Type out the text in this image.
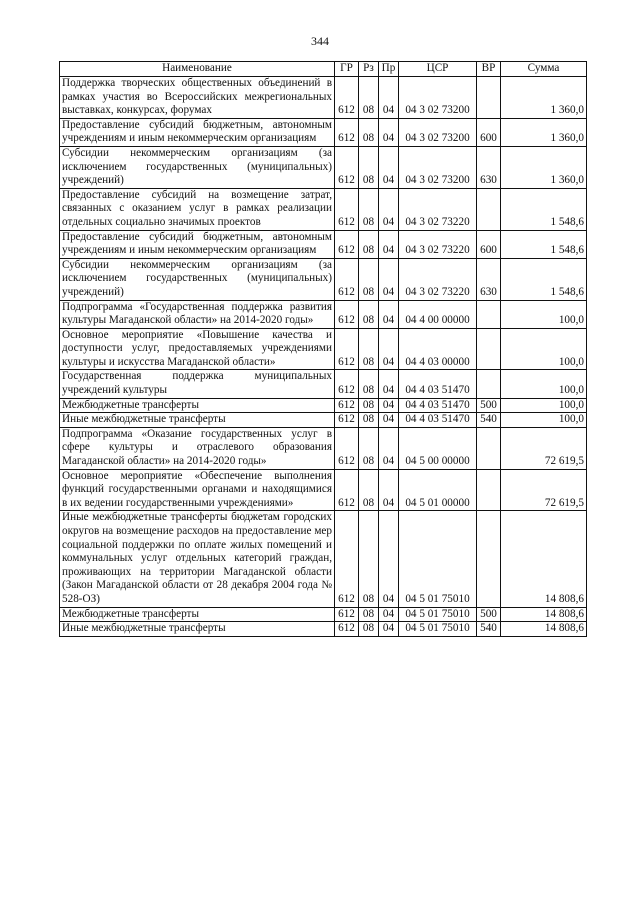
344
Наименование	ГР	Рз	Пр	ЦСР	ВР	Сумма
Поддержка творческих общественных объединений в рамках участия во Всероссийских межрегиональных выставках, конкурсах, форумах	612	08	04	04 3 02 73200		1 360,0
Предоставление субсидий бюджетным, автономным учреждениям и иным некоммерческим организациям	612	08	04	04 3 02 73200	600	1 360,0
Субсидии некоммерческим организациям (за исключением государственных (муниципальных) учреждений)	612	08	04	04 3 02 73200	630	1 360,0
Предоставление субсидий на возмещение затрат, связанных с оказанием услуг в рамках реализации отдельных социально значимых проектов	612	08	04	04 3 02 73220		1 548,6
Предоставление субсидий бюджетным, автономным учреждениям и иным некоммерческим организациям	612	08	04	04 3 02 73220	600	1 548,6
Субсидии некоммерческим организациям (за исключением государственных (муниципальных) учреждений)	612	08	04	04 3 02 73220	630	1 548,6
Подпрограмма «Государственная поддержка развития культуры Магаданской области» на 2014-2020 годы»	612	08	04	04 4 00 00000		100,0
Основное мероприятие «Повышение качества и доступности услуг, предоставляемых учреждениями культуры и искусства Магаданской области»	612	08	04	04 4 03 00000		100,0
Государственная поддержка муниципальных учреждений культуры	612	08	04	04 4 03 51470		100,0
Межбюджетные трансферты	612	08	04	04 4 03 51470	500	100,0
Иные межбюджетные трансферты	612	08	04	04 4 03 51470	540	100,0
Подпрограмма «Оказание государственных услуг в сфере культуры и отраслевого образования Магаданской области» на 2014-2020 годы»	612	08	04	04 5 00 00000		72 619,5
Основное мероприятие «Обеспечение выполнения функций государственными органами и находящимися в их ведении государственными учреждениями»	612	08	04	04 5 01 00000		72 619,5
Иные межбюджетные трансферты бюджетам городских округов на возмещение расходов на предоставление мер социальной поддержки по оплате жилых помещений и коммунальных услуг отдельных категорий граждан, проживающих на территории Магаданской области (Закон Магаданской области от 28 декабря 2004 года № 528-ОЗ)	612	08	04	04 5 01 75010		14 808,6
Межбюджетные трансферты	612	08	04	04 5 01 75010	500	14 808,6
Иные межбюджетные трансферты	612	08	04	04 5 01 75010	540	14 808,6
